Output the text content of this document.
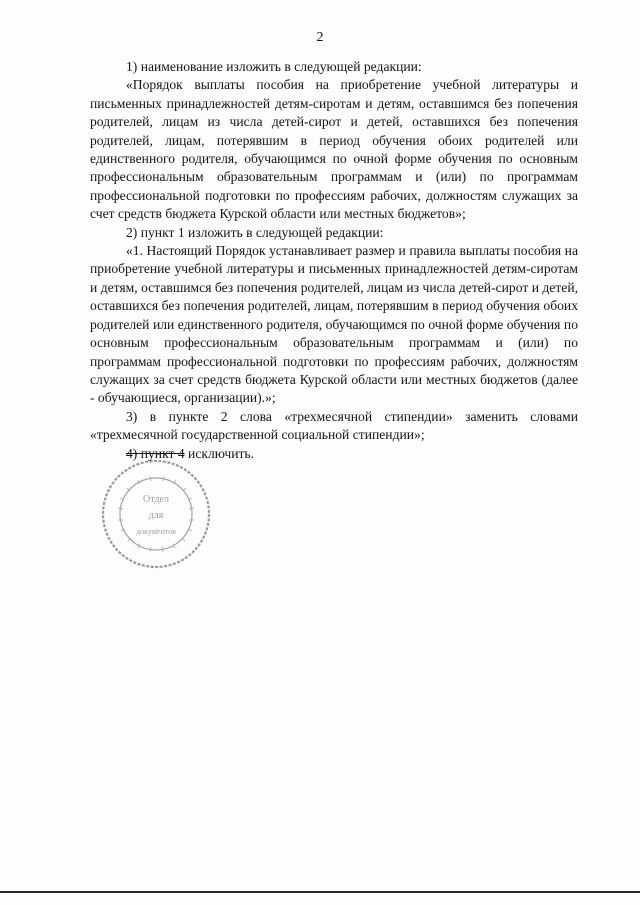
2

1) наименование изложить в следующей редакции:

«Порядок выплаты пособия на приобретение учебной литературы и письменных принадлежностей детям-сиротам и детям, оставшимся без попечения родителей, лицам из числа детей-сирот и детей, оставшихся без попечения родителей, лицам, потерявшим в период обучения обоих родителей или единственного родителя, обучающимся по очной форме обучения по основным профессиональным образовательным программам и (или) по программам профессиональной подготовки по профессиям рабочих, должностям служащих за счет средств бюджета Курской области или местных бюджетов»;

2) пункт 1 изложить в следующей редакции:

«1. Настоящий Порядок устанавливает размер и правила выплаты пособия на приобретение учебной литературы и письменных принадлежностей детям-сиротам и детям, оставшимся без попечения родителей, лицам из числа детей-сирот и детей, оставшихся без попечения родителей, лицам, потерявшим в период обучения обоих родителей или единственного родителя, обучающимся по очной форме обучения по основным профессиональным образовательным программам и (или) по программам профессиональной подготовки по профессиям рабочих, должностям служащих за счет средств бюджета Курской области или местных бюджетов (далее - обучающиеся, организации).»;

3) в пункте 2 слова «трехмесячной стипендии» заменить словами «трехмесячной государственной социальной стипендии»;

4) пункт 4 исключить.

Отдел
для
документов
